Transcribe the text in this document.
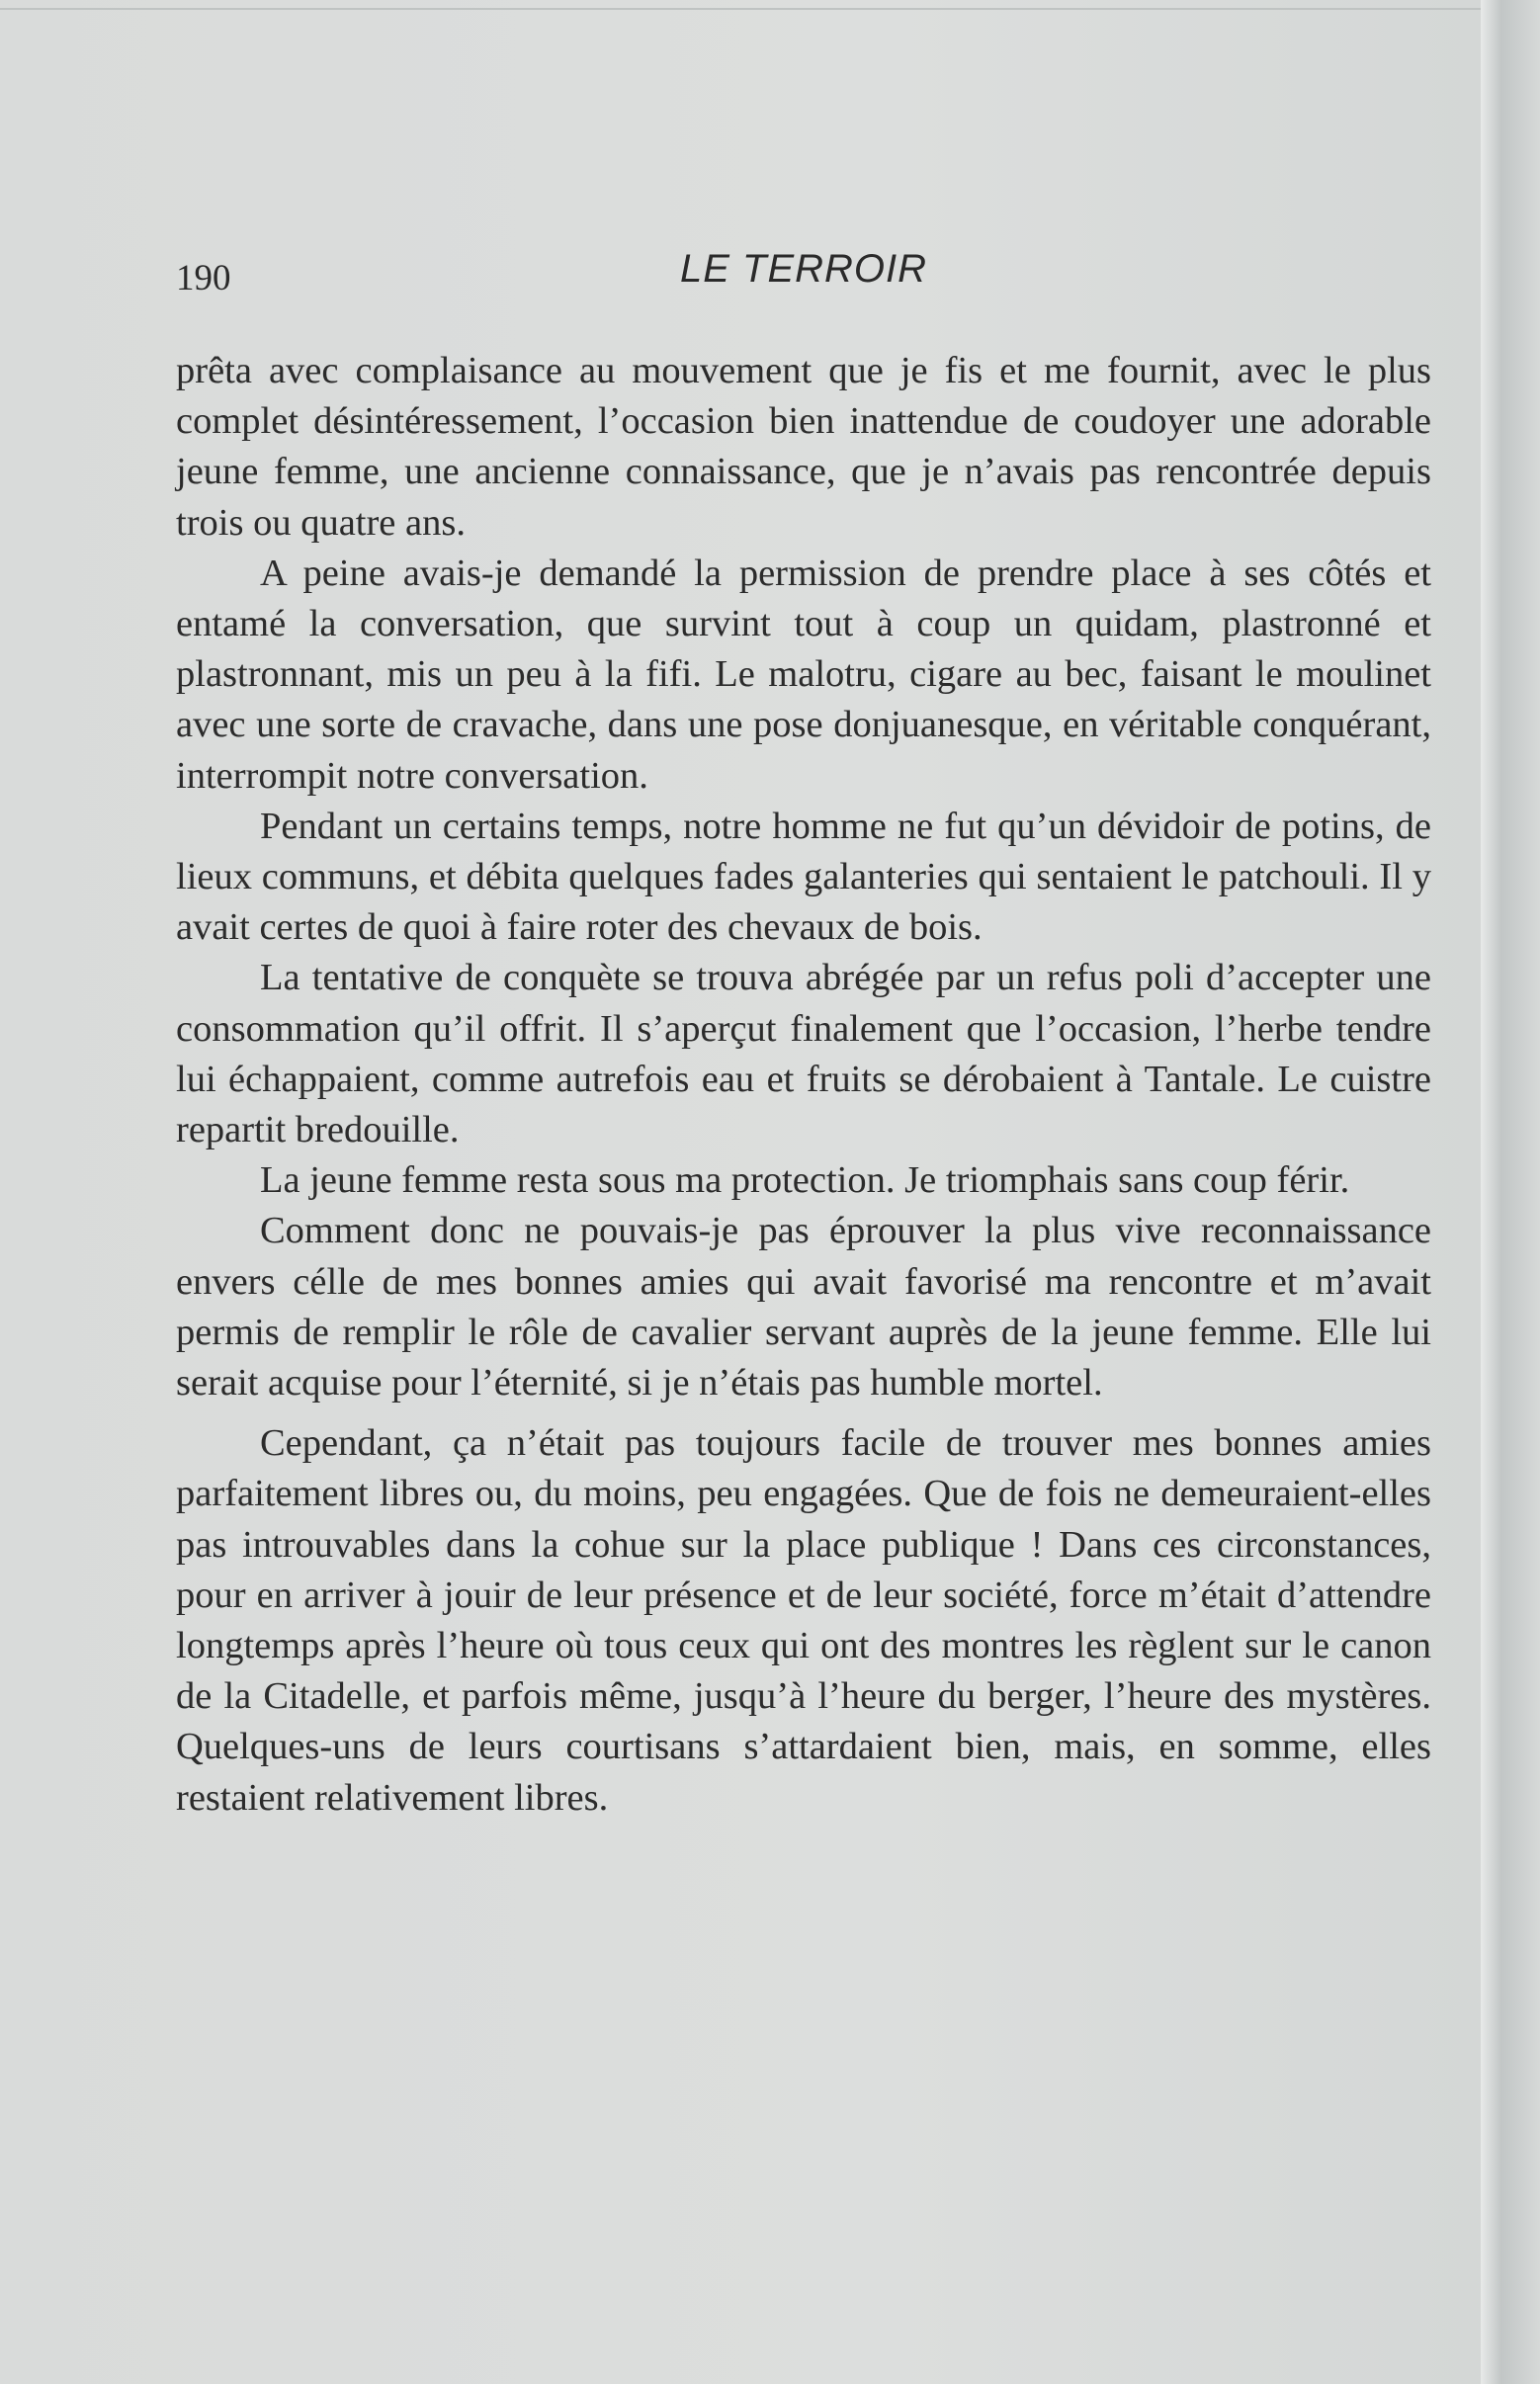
190	LE TERROIR

prêta avec complaisance au mouvement que je fis et me fournit, avec le plus complet désintéressement, l’occasion bien inattendue de coudoyer une adorable jeune femme, une ancienne connaissance, que je n’avais pas rencontrée depuis trois ou quatre ans.

A peine avais-je demandé la permission de prendre place à ses côtés et entamé la conversation, que survint tout à coup un quidam, plastronné et plastronnant, mis un peu à la fifi. Le malotru, cigare au bec, faisant le moulinet avec une sorte de cravache, dans une pose donjuanesque, en véritable conquérant, interrompit notre conversation.

Pendant un certains temps, notre homme ne fut qu’un dévidoir de potins, de lieux communs, et débita quelques fades galanteries qui sentaient le patchouli. Il y avait certes de quoi à faire roter des chevaux de bois.

La tentative de conquète se trouva abrégée par un refus poli d’accepter une consommation qu’il offrit. Il s’aperçut finalement que l’occasion, l’herbe tendre lui échappaient, comme autrefois eau et fruits se dérobaient à Tantale. Le cuistre repartit bredouille.

La jeune femme resta sous ma protection. Je triomphais sans coup férir.

Comment donc ne pouvais-je pas éprouver la plus vive reconnaissance envers célle de mes bonnes amies qui avait favorisé ma rencontre et m’avait permis de remplir le rôle de cavalier servant auprès de la jeune femme. Elle lui serait acquise pour l’éternité, si je n’étais pas humble mortel.

Cependant, ça n’était pas toujours facile de trouver mes bonnes amies parfaitement libres ou, du moins, peu engagées. Que de fois ne demeuraient-elles pas introuvables dans la cohue sur la place publique ! Dans ces circonstances, pour en arriver à jouir de leur présence et de leur société, force m’était d’attendre longtemps après l’heure où tous ceux qui ont des montres les règlent sur le canon de la Citadelle, et parfois même, jusqu’à l’heure du berger, l’heure des mystères. Quelques-uns de leurs courtisans s’attardaient bien, mais, en somme, elles restaient relativement libres.
